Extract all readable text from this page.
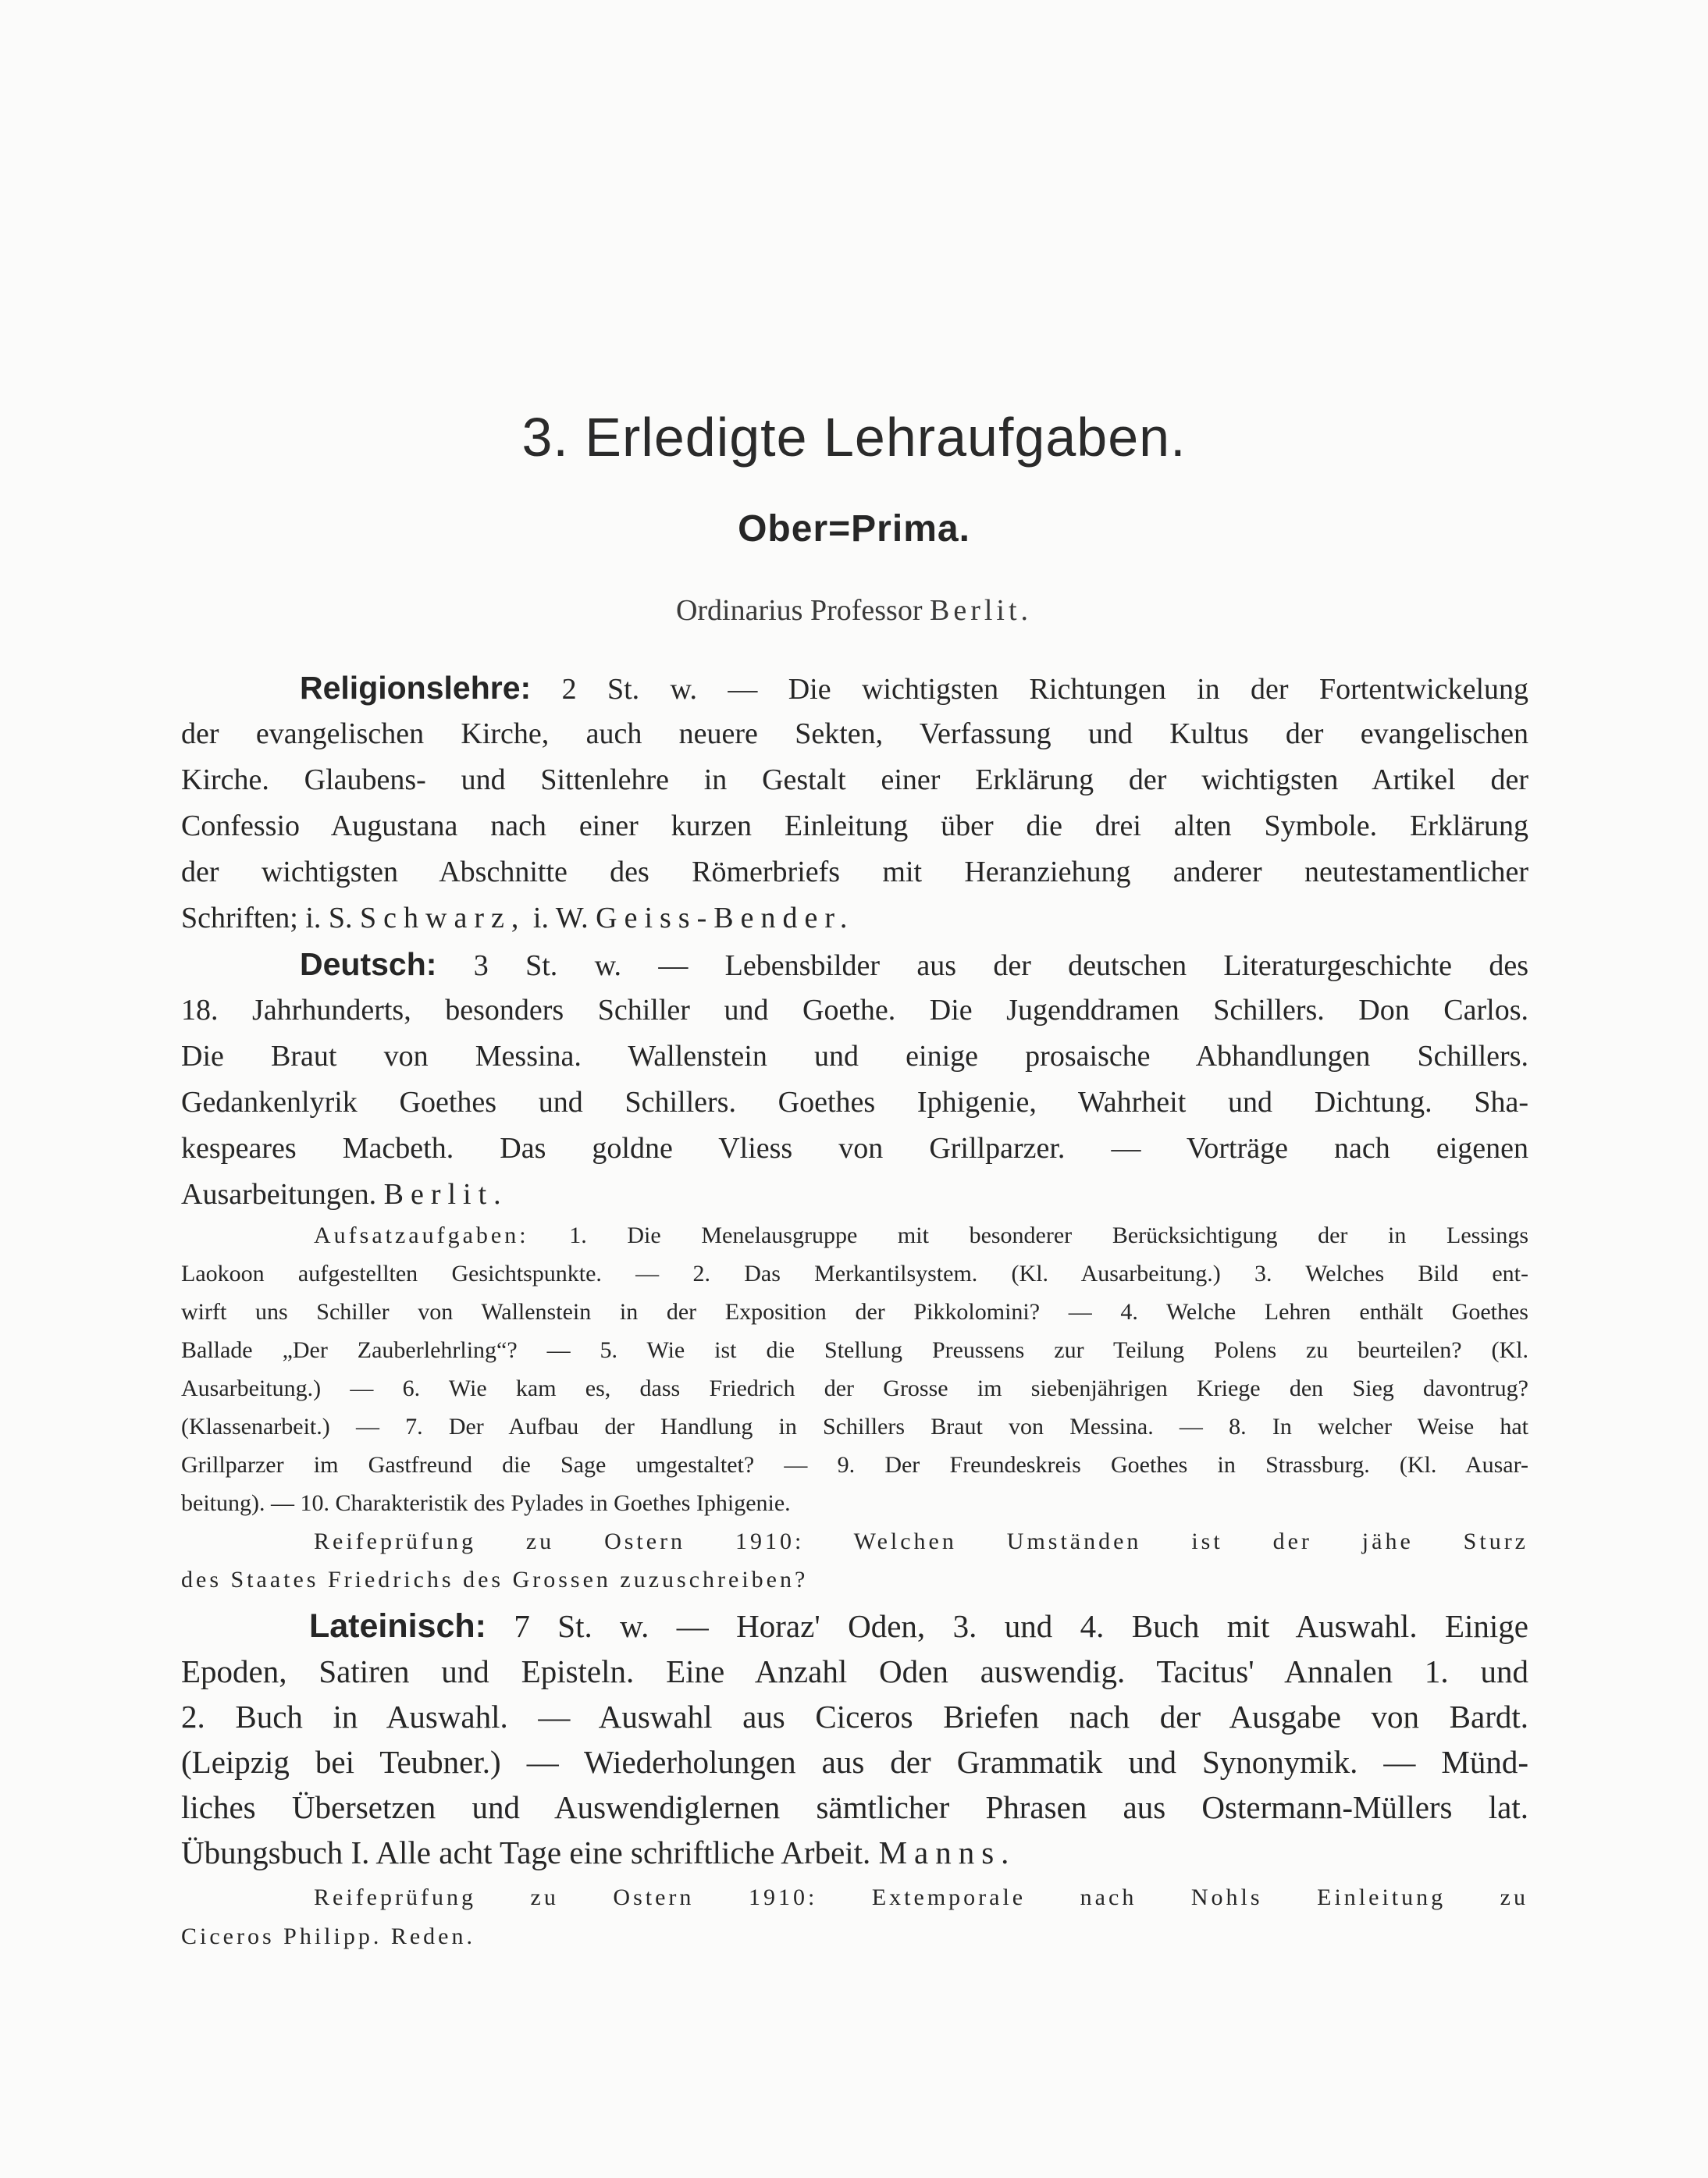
3. Erledigte Lehraufgaben.
Ober=Prima.
Ordinarius Professor Berlit.
Religionslehre: 2 St. w. — Die wichtigsten Richtungen in der Fortentwickelung
der evangelischen Kirche, auch neuere Sekten, Verfassung und Kultus der evangelischen
Kirche. Glaubens- und Sittenlehre in Gestalt einer Erklärung der wichtigsten Artikel der
Confessio Augustana nach einer kurzen Einleitung über die drei alten Symbole. Erklärung
der wichtigsten Abschnitte des Römerbriefs mit Heranziehung anderer neutestamentlicher
Schriften; i. S. Schwarz, i. W. Geiss-Bender.
Deutsch: 3 St. w. — Lebensbilder aus der deutschen Literaturgeschichte des
18. Jahrhunderts, besonders Schiller und Goethe. Die Jugenddramen Schillers. Don Carlos.
Die Braut von Messina. Wallenstein und einige prosaische Abhandlungen Schillers.
Gedankenlyrik Goethes und Schillers. Goethes Iphigenie, Wahrheit und Dichtung. Sha-
kespeares Macbeth. Das goldne Vliess von Grillparzer. — Vorträge nach eigenen
Ausarbeitungen. Berlit.
Aufsatzaufgaben: 1. Die Menelausgruppe mit besonderer Berücksichtigung der in Lessings
Laokoon aufgestellten Gesichtspunkte. — 2. Das Merkantilsystem. (Kl. Ausarbeitung.) 3. Welches Bild ent-
wirft uns Schiller von Wallenstein in der Exposition der Pikkolomini? — 4. Welche Lehren enthält Goethes
Ballade „Der Zauberlehrling“? — 5. Wie ist die Stellung Preussens zur Teilung Polens zu beurteilen? (Kl.
Ausarbeitung.) — 6. Wie kam es, dass Friedrich der Grosse im siebenjährigen Kriege den Sieg davontrug?
(Klassenarbeit.) — 7. Der Aufbau der Handlung in Schillers Braut von Messina. — 8. In welcher Weise hat
Grillparzer im Gastfreund die Sage umgestaltet? — 9. Der Freundeskreis Goethes in Strassburg. (Kl. Ausar-
beitung). — 10. Charakteristik des Pylades in Goethes Iphigenie.
Reifeprüfung zu Ostern 1910: Welchen Umständen ist der jähe Sturz
des Staates Friedrichs des Grossen zuzuschreiben?
Lateinisch: 7 St. w. — Horaz' Oden, 3. und 4. Buch mit Auswahl. Einige
Epoden, Satiren und Episteln. Eine Anzahl Oden auswendig. Tacitus' Annalen 1. und
2. Buch in Auswahl. — Auswahl aus Ciceros Briefen nach der Ausgabe von Bardt.
(Leipzig bei Teubner.) — Wiederholungen aus der Grammatik und Synonymik. — Münd-
liches Übersetzen und Auswendiglernen sämtlicher Phrasen aus Ostermann-Müllers lat.
Übungsbuch I. Alle acht Tage eine schriftliche Arbeit. Manns.
Reifeprüfung zu Ostern 1910: Extemporale nach Nohls Einleitung zu
Ciceros Philipp. Reden.
